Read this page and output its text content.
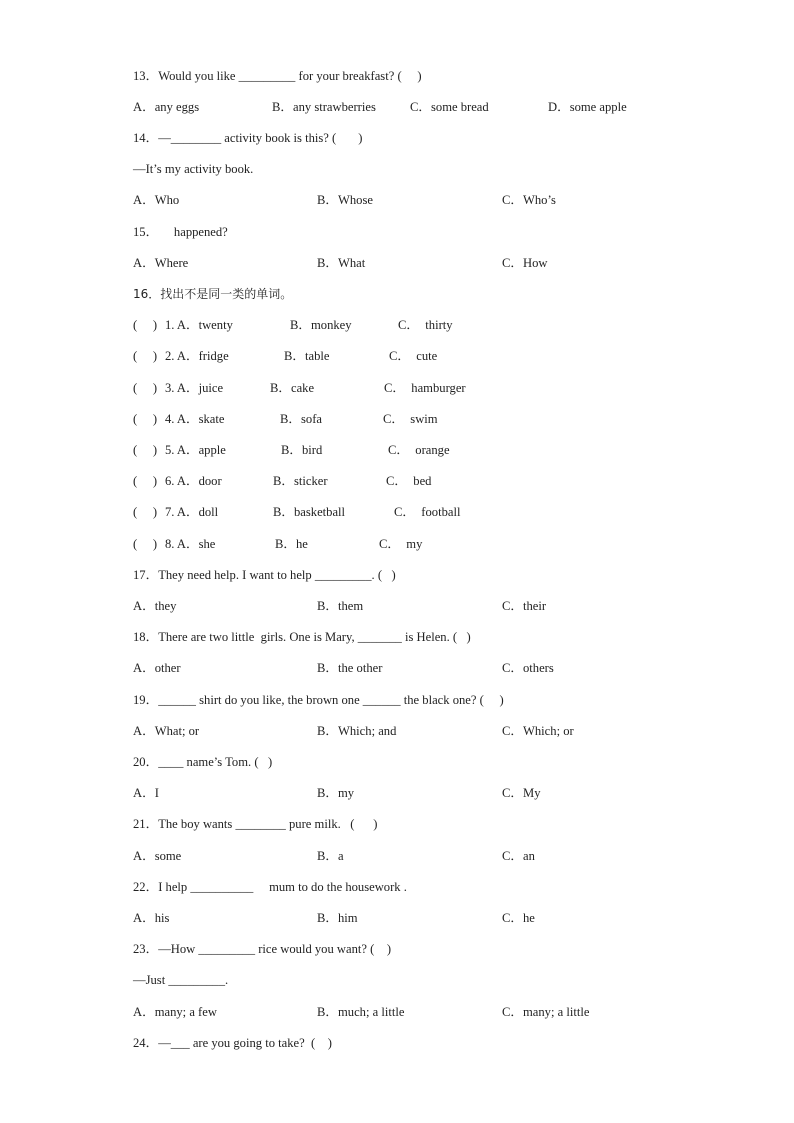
13．Would you like _________ for your breakfast? (     )
A．any eggs	B．any strawberries	C．some bread	D．some apple
14．—________ activity book is this? (       )
—It’s my activity book.
A．Who	B．Whose	C．Who’s
15．     happened?
A．Where	B．What	C．How
16．找出不是同一类的单词。
(     ) 1. A．twenty	B．monkey	C．  thirty
(     ) 2. A．fridge	B．table	C．  cute
(     ) 3. A．juice	B．cake	C．  hamburger
(     ) 4. A．skate	B．sofa	C．  swim
(     ) 5. A．apple	B．bird	C．  orange
(     ) 6. A．door	B．sticker	C．  bed
(     ) 7. A．doll	B．basketball	C．  football
(     ) 8. A．she	B．he	C．  my
17．They need help. I want to help _________. (   )
A．they	B．them	C．their
18．There are two little  girls. One is Mary, _______ is Helen. (   )
A．other	B．the other	C．others
19．______ shirt do you like, the brown one ______ the black one? (     )
A．What; or	B．Which; and	C．Which; or
20．____ name’s Tom. (   )
A．I	B．my	C．My
21．The boy wants ________ pure milk.   (      )
A．some	B．a	C．an
22．I help __________     mum to do the housework .
A．his	B．him	C．he
23．—How _________ rice would you want? (    )
—Just _________.
A．many; a few	B．much; a little	C．many; a little
24．—___ are you going to take?  (    )
